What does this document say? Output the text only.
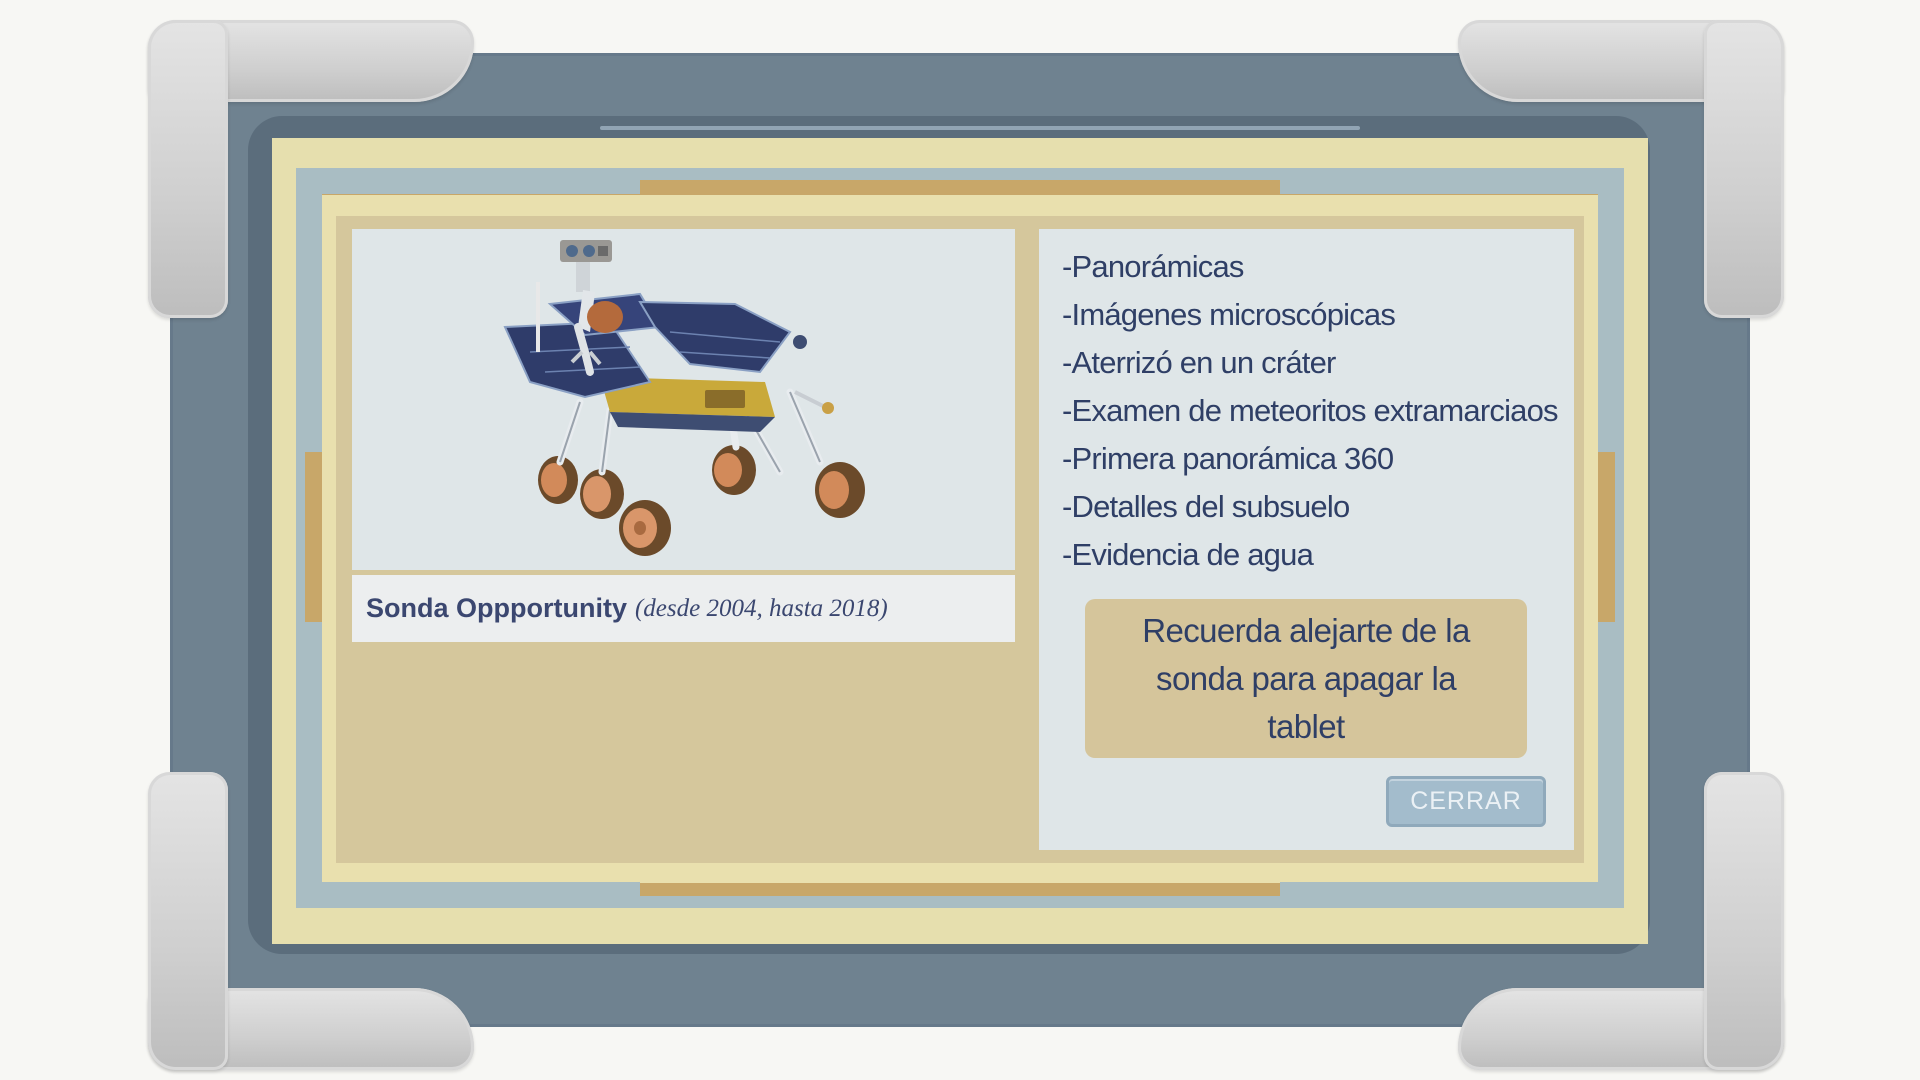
Sonda Oppportunity (desde 2004, hasta 2018)
-Panorámicas
-Imágenes microscópicas
-Aterrizó en un cráter
-Examen de meteoritos extramarciaos
-Primera panorámica 360
-Detalles del subsuelo
-Evidencia de agua
Recuerda alejarte de la sonda para apagar la tablet
CERRAR
